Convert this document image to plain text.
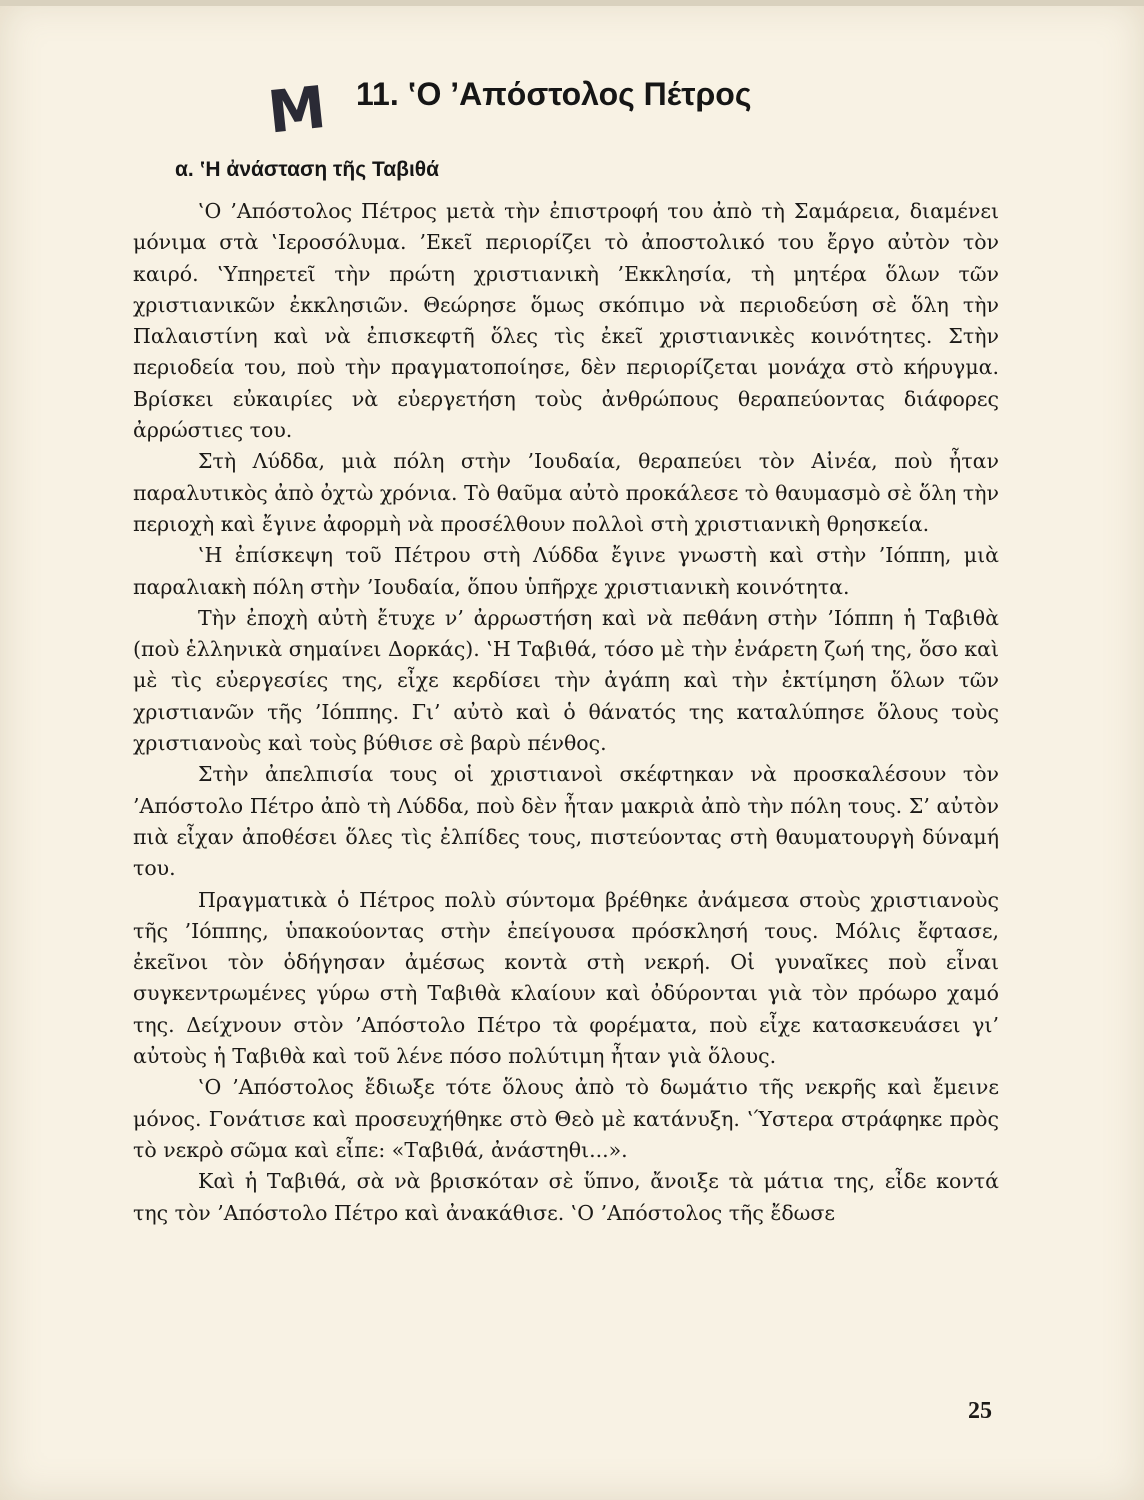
M 11. ‛Ο ’Απόστολος Πέτρος
α. ‛Η ἀνάσταση τῆς Ταβιθά

‛Ο ’Απόστολος Πέτρος μετὰ τὴν ἐπιστροφή του ἀπὸ τὴ Σαμάρεια, διαμένει μόνιμα στὰ ‛Ιεροσόλυμα. ’Εκεῖ περιορίζει τὸ ἀποστολικό του ἔργο αὐτὸν τὸν καιρό. ‛Υπηρετεῖ τὴν πρώτη χριστιανικὴ ’Εκκλησία, τὴ μητέρα ὅλων τῶν χριστιανικῶν ἐκκλησιῶν. Θεώρησε ὅμως σκόπιμο νὰ περιοδεύση σὲ ὅλη τὴν Παλαιστίνη καὶ νὰ ἐπισκεφτῆ ὅλες τὶς ἐκεῖ χριστιανικὲς κοινότητες. Στὴν περιοδεία του, ποὺ τὴν πραγματοποίησε, δὲν περιορίζεται μονάχα στὸ κήρυγμα. Βρίσκει εὐκαιρίες νὰ εὐεργετήση τοὺς ἀνθρώπους θεραπεύοντας διάφορες ἀρρώστιες του.

Στὴ Λύδδα, μιὰ πόλη στὴν ’Ιουδαία, θεραπεύει τὸν Αἰνέα, ποὺ ἦταν παραλυτικὸς ἀπὸ ὀχτὼ χρόνια. Τὸ θαῦμα αὐτὸ προκάλεσε τὸ θαυμασμὸ σὲ ὅλη τὴν περιοχὴ καὶ ἔγινε ἀφορμὴ νὰ προσέλθουν πολλοὶ στὴ χριστιανικὴ θρησκεία.

‛Η ἐπίσκεψη τοῦ Πέτρου στὴ Λύδδα ἔγινε γνωστὴ καὶ στὴν ’Ιόππη, μιὰ παραλιακὴ πόλη στὴν ’Ιουδαία, ὅπου ὑπῆρχε χριστιανικὴ κοινότητα.

Τὴν ἐποχὴ αὐτὴ ἔτυχε ν’ ἀρρωστήση καὶ νὰ πεθάνη στὴν ’Ιόππη ἡ Ταβιθὰ (ποὺ ἑλληνικὰ σημαίνει Δορκάς). ‛Η Ταβιθά, τόσο μὲ τὴν ἐνάρετη ζωή της, ὅσο καὶ μὲ τὶς εὐεργεσίες της, εἶχε κερδίσει τὴν ἀγάπη καὶ τὴν ἐκτίμηση ὅλων τῶν χριστιανῶν τῆς ’Ιόππης. Γι’ αὐτὸ καὶ ὁ θάνατός της καταλύπησε ὅλους τοὺς χριστιανοὺς καὶ τοὺς βύθισε σὲ βαρὺ πένθος.

Στὴν ἀπελπισία τους οἱ χριστιανοὶ σκέφτηκαν νὰ προσκαλέσουν τὸν ’Απόστολο Πέτρο ἀπὸ τὴ Λύδδα, ποὺ δὲν ἦταν μακριὰ ἀπὸ τὴν πόλη τους. Σ’ αὐτὸν πιὰ εἶχαν ἀποθέσει ὅλες τὶς ἐλπίδες τους, πιστεύοντας στὴ θαυματουργὴ δύναμή του.

Πραγματικὰ ὁ Πέτρος πολὺ σύντομα βρέθηκε ἀνάμεσα στοὺς χριστιανοὺς τῆς ’Ιόππης, ὑπακούοντας στὴν ἐπείγουσα πρόσκλησή τους. Μόλις ἔφτασε, ἐκεῖνοι τὸν ὁδήγησαν ἀμέσως κοντὰ στὴ νεκρή. Οἱ γυναῖκες ποὺ εἶναι συγκεντρωμένες γύρω στὴ Ταβιθὰ κλαίουν καὶ ὀδύρονται γιὰ τὸν πρόωρο χαμό της. Δείχνουν στὸν ’Απόστολο Πέτρο τὰ φορέματα, ποὺ εἶχε κατασκευάσει γι’ αὐτοὺς ἡ Ταβιθὰ καὶ τοῦ λένε πόσο πολύτιμη ἦταν γιὰ ὅλους.

‛Ο ’Απόστολος ἔδιωξε τότε ὅλους ἀπὸ τὸ δωμάτιο τῆς νεκρῆς καὶ ἔμεινε μόνος. Γονάτισε καὶ προσευχήθηκε στὸ Θεὸ μὲ κατάνυξη. ‛Ύστερα στράφηκε πρὸς τὸ νεκρὸ σῶμα καὶ εἶπε: «Ταβιθά, ἀνάστηθι...».

Καὶ ἡ Ταβιθά, σὰ νὰ βρισκόταν σὲ ὕπνο, ἄνοιξε τὰ μάτια της, εἶδε κοντά της τὸν ’Απόστολο Πέτρο καὶ ἀνακάθισε. ‛Ο ’Απόστολος τῆς ἔδωσε

25
